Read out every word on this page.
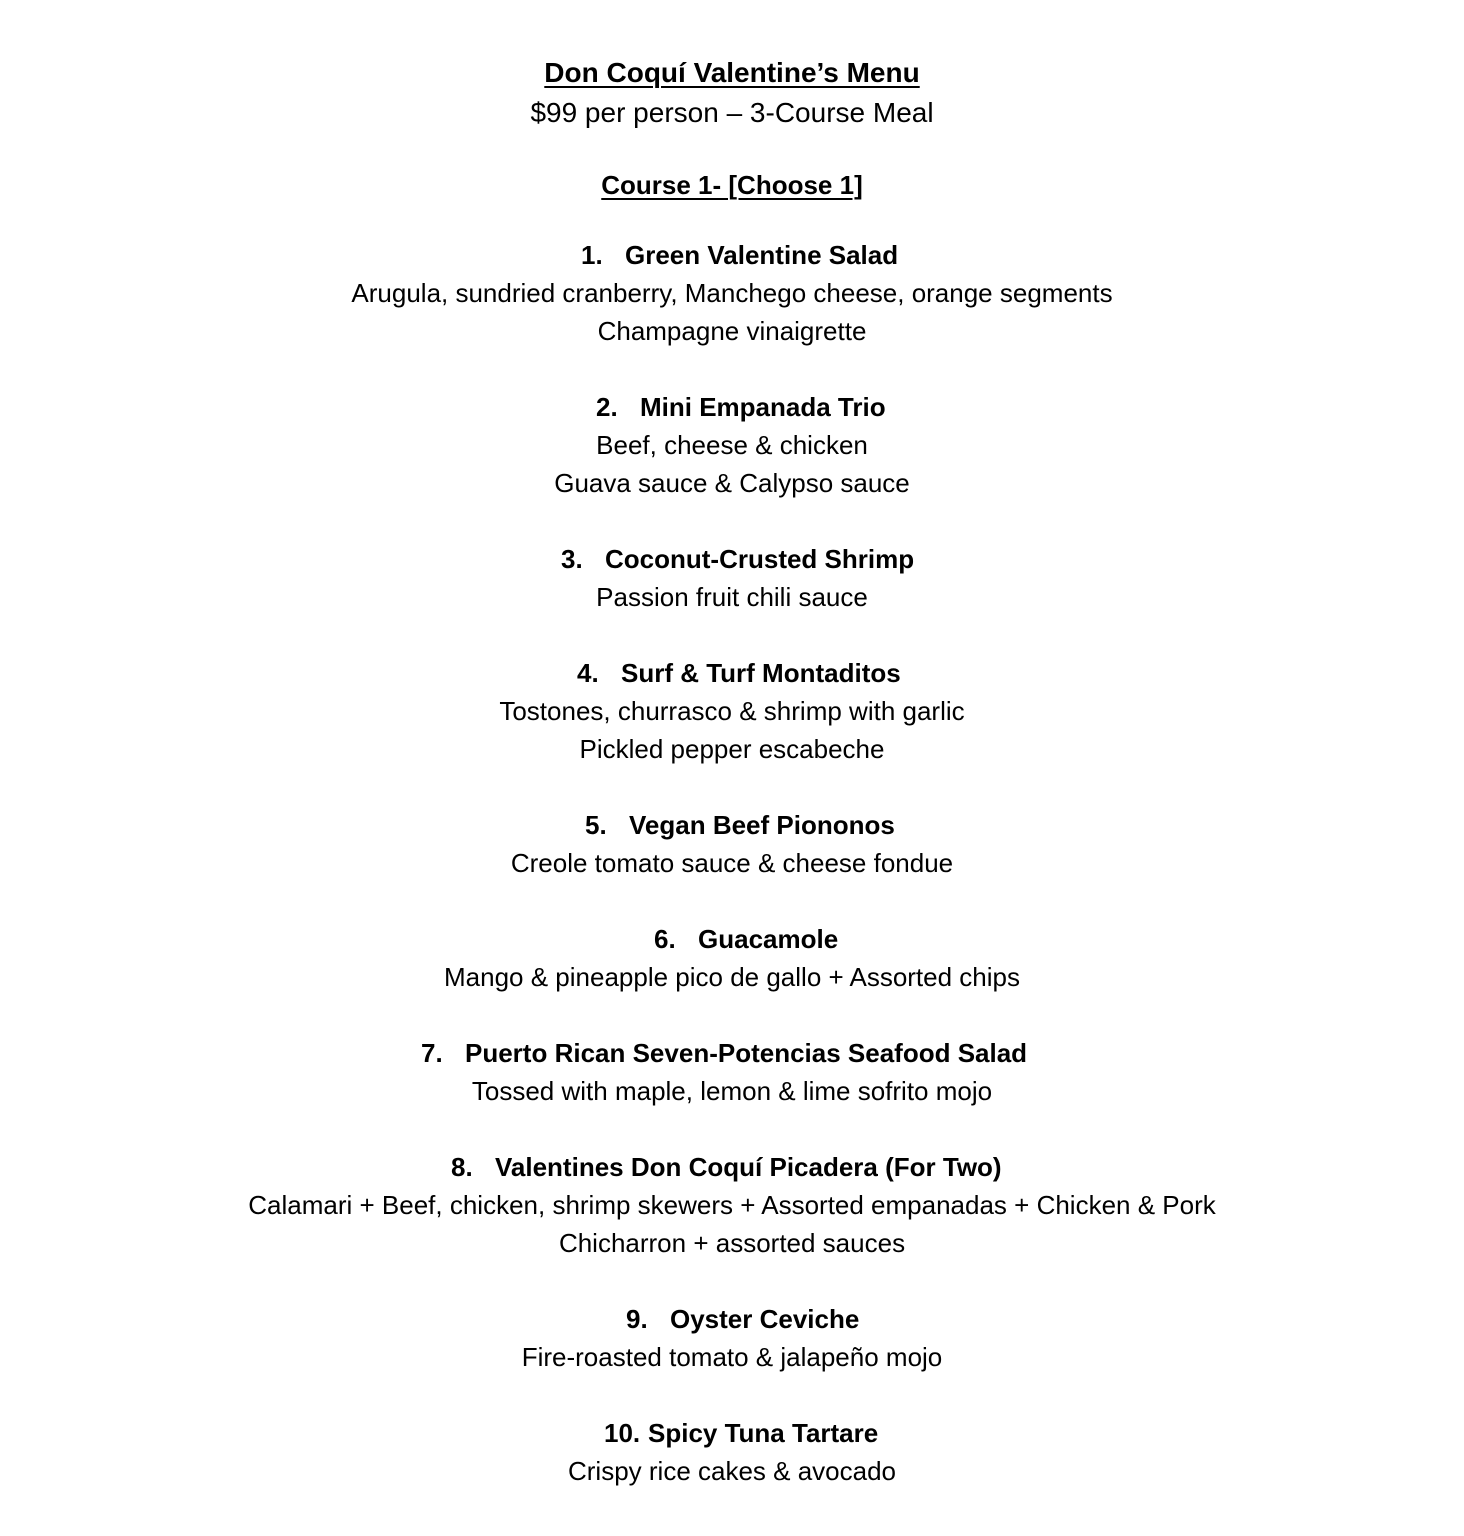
Don Coquí Valentine’s Menu
$99 per person – 3-Course Meal
Course 1- [Choose 1]
1. Green Valentine Salad
Arugula, sundried cranberry, Manchego cheese, orange segments
Champagne vinaigrette
2. Mini Empanada Trio
Beef, cheese & chicken
Guava sauce & Calypso sauce
3. Coconut-Crusted Shrimp
Passion fruit chili sauce
4. Surf & Turf Montaditos
Tostones, churrasco & shrimp with garlic
Pickled pepper escabeche
5. Vegan Beef Piononos
Creole tomato sauce & cheese fondue
6. Guacamole
Mango & pineapple pico de gallo + Assorted chips
7. Puerto Rican Seven-Potencias Seafood Salad
Tossed with maple, lemon & lime sofrito mojo
8. Valentines Don Coquí Picadera (For Two)
Calamari + Beef, chicken, shrimp skewers + Assorted empanadas + Chicken & Pork
Chicharron + assorted sauces
9. Oyster Ceviche
Fire-roasted tomato & jalapeño mojo
10. Spicy Tuna Tartare
Crispy rice cakes & avocado
